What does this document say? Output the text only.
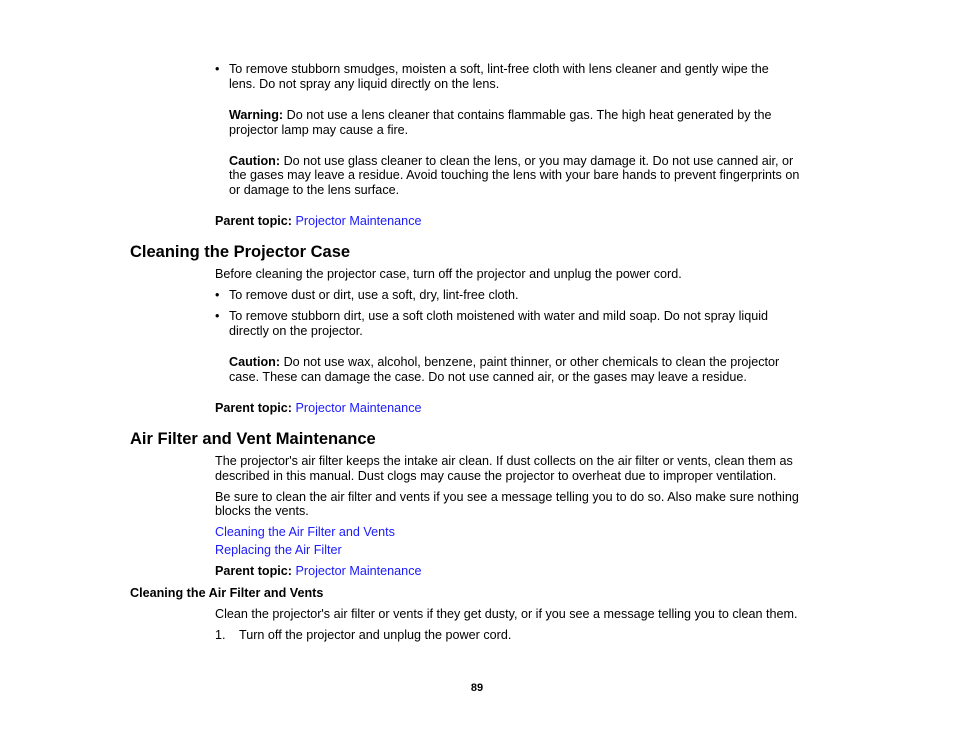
• To remove stubborn smudges, moisten a soft, lint-free cloth with lens cleaner and gently wipe the
lens. Do not spray any liquid directly on the lens.
Warning: Do not use a lens cleaner that contains flammable gas. The high heat generated by the
projector lamp may cause a fire.
Caution: Do not use glass cleaner to clean the lens, or you may damage it. Do not use canned air, or
the gases may leave a residue. Avoid touching the lens with your bare hands to prevent fingerprints on
or damage to the lens surface.
Parent topic: Projector Maintenance
Cleaning the Projector Case
Before cleaning the projector case, turn off the projector and unplug the power cord.
• To remove dust or dirt, use a soft, dry, lint-free cloth.
• To remove stubborn dirt, use a soft cloth moistened with water and mild soap. Do not spray liquid
directly on the projector.
Caution: Do not use wax, alcohol, benzene, paint thinner, or other chemicals to clean the projector
case. These can damage the case. Do not use canned air, or the gases may leave a residue.
Parent topic: Projector Maintenance
Air Filter and Vent Maintenance
The projector's air filter keeps the intake air clean. If dust collects on the air filter or vents, clean them as
described in this manual. Dust clogs may cause the projector to overheat due to improper ventilation.
Be sure to clean the air filter and vents if you see a message telling you to do so. Also make sure nothing
blocks the vents.
Cleaning the Air Filter and Vents
Replacing the Air Filter
Parent topic: Projector Maintenance
Cleaning the Air Filter and Vents
Clean the projector's air filter or vents if they get dusty, or if you see a message telling you to clean them.
1. Turn off the projector and unplug the power cord.
89
